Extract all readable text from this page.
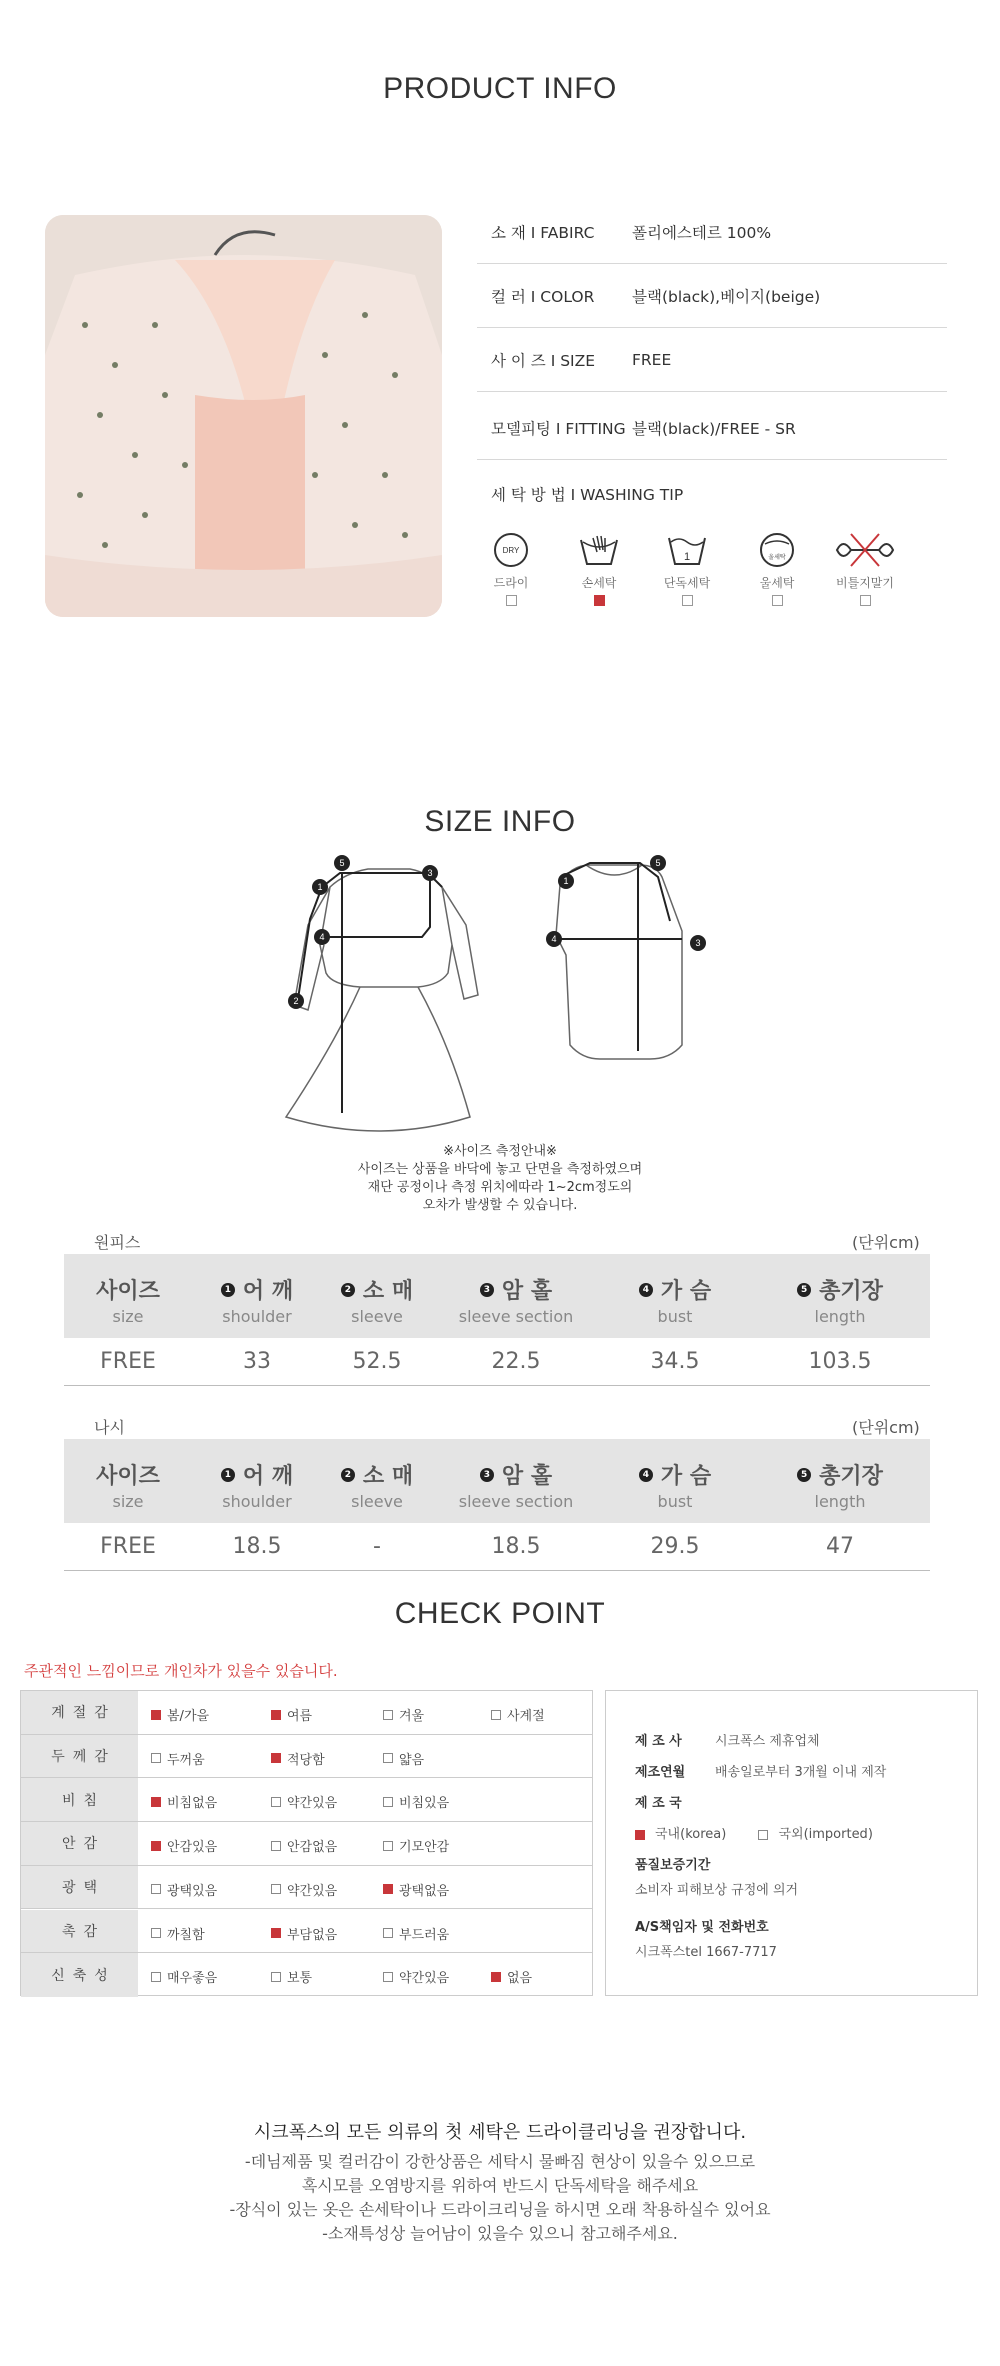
PRODUCT INFO
소 재 I FABIRC	폴리에스테르 100%
컬 러 I COLOR	블랙(black),베이지(beige)
사 이 즈 I SIZE	FREE
모델피팅 I FITTING 블랙(black)/FREE - SR
세 탁 방 법 I WASHING TIP
DRY
드라이	손세탁
1
단독세탁
울세탁
울세탁	비틀지말기
SIZE INFO
1
2
3
4
5
1
3
4
5
※사이즈 측정안내※
사이즈는 상품을 바닥에 놓고 단면을 측정하였으며
재단 공정이나 측정 위치에따라 1~2cm정도의
오차가 발생할 수 있습니다.
원피스	(단위cm)
사이즈
size
1 어 깨
shoulder
2 소 매
sleeve
3 암 홀
sleeve section
4 가 슴
bust
5 총기장
length
FREE	33	52.5	22.5	34.5	103.5
나시	(단위cm)
사이즈
size
1 어 깨
shoulder
2 소 매
sleeve
3 암 홀
sleeve section
4 가 슴
bust
5 총기장
length
FREE	18.5	-	18.5	29.5	47
CHECK POINT
주관적인 느낌이므로 개인차가 있을수 있습니다.
계절감	봄/가을	여름	겨울	사계절
두께감	두꺼움	적당함	얇음
비침	비침없음	약간있음	비침있음
안감	안감있음	안감없음	기모안감
광택	광택있음	약간있음	광택없음
촉감	까칠함	부담없음	부드러움
신축성	매우좋음	보통	약간있음	없음
제 조 사	시크폭스 제휴업체
제조연월 배송일로부터 3개월 이내 제작
제 조 국
국내(korea)	국외(imported)
품질보증기간
소비자 피해보상 규정에 의거
A/S책임자 및 전화번호
시크폭스tel 1667-7717
시크폭스의 모든 의류의 첫 세탁은 드라이클리닝을 권장합니다.
-데님제품 및 컬러감이 강한상품은 세탁시 물빠짐 현상이 있을수 있으므로
혹시모를 오염방지를 위하여 반드시 단독세탁을 해주세요
-장식이 있는 옷은 손세탁이나 드라이크리닝을 하시면 오래 착용하실수 있어요
-소재특성상 늘어남이 있을수 있으니 참고해주세요.
